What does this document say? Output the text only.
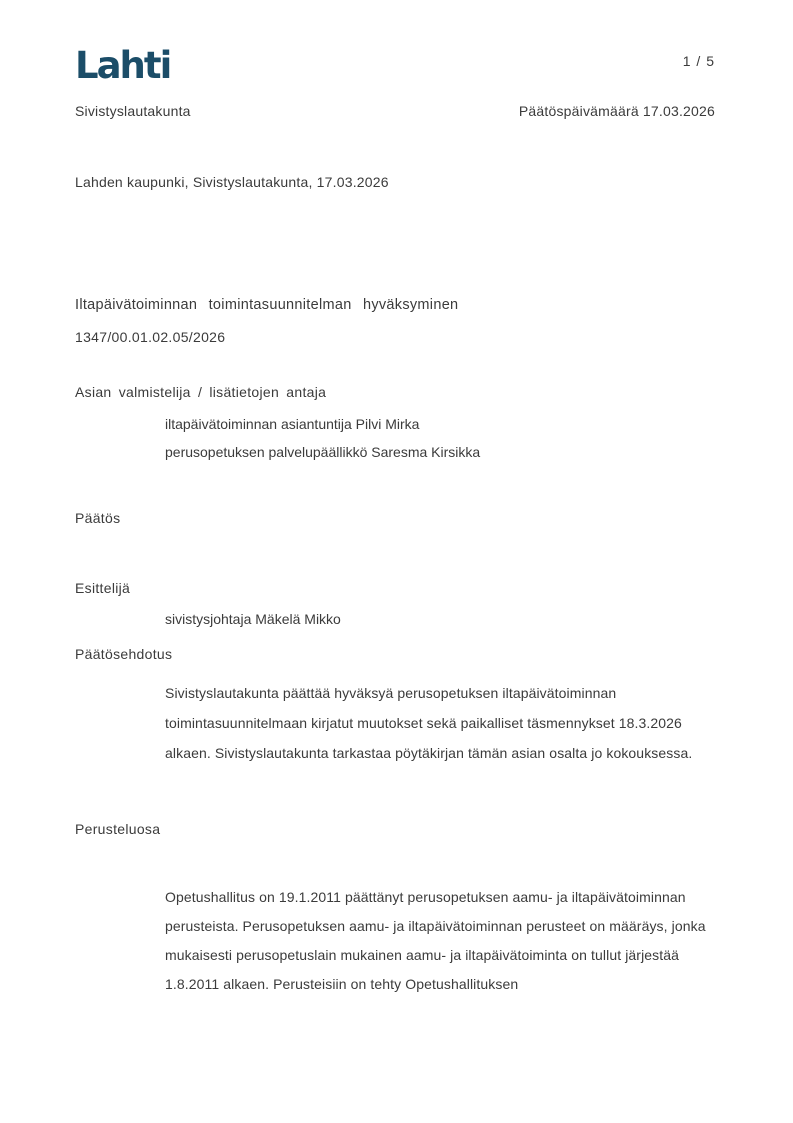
Lahti	1 / 5
Sivistyslautakunta	Päätöspäivämäärä 17.03.2026
Lahden kaupunki, Sivistyslautakunta, 17.03.2026
Iltapäivätoiminnan toimintasuunnitelman hyväksyminen
1347/00.01.02.05/2026
Asian valmistelija / lisätietojen antaja
iltapäivätoiminnan asiantuntija Pilvi Mirka
perusopetuksen palvelupäällikkö Saresma Kirsikka
Päätös
Esittelijä
sivistysjohtaja Mäkelä Mikko
Päätösehdotus
Sivistyslautakunta päättää hyväksyä perusopetuksen iltapäivätoiminnan toimintasuunnitelmaan kirjatut muutokset sekä paikalliset täsmennykset 18.3.2026 alkaen. Sivistyslautakunta tarkastaa pöytäkirjan tämän asian osalta jo kokouksessa.
Perusteluosa
Opetushallitus on 19.1.2011 päättänyt perusopetuksen aamu- ja iltapäivätoiminnan perusteista. Perusopetuksen aamu- ja iltapäivätoiminnan perusteet on määräys, jonka mukaisesti perusopetuslain mukainen aamu- ja iltapäivätoiminta on tullut järjestää 1.8.2011 alkaen. Perusteisiin on tehty Opetushallituksen
